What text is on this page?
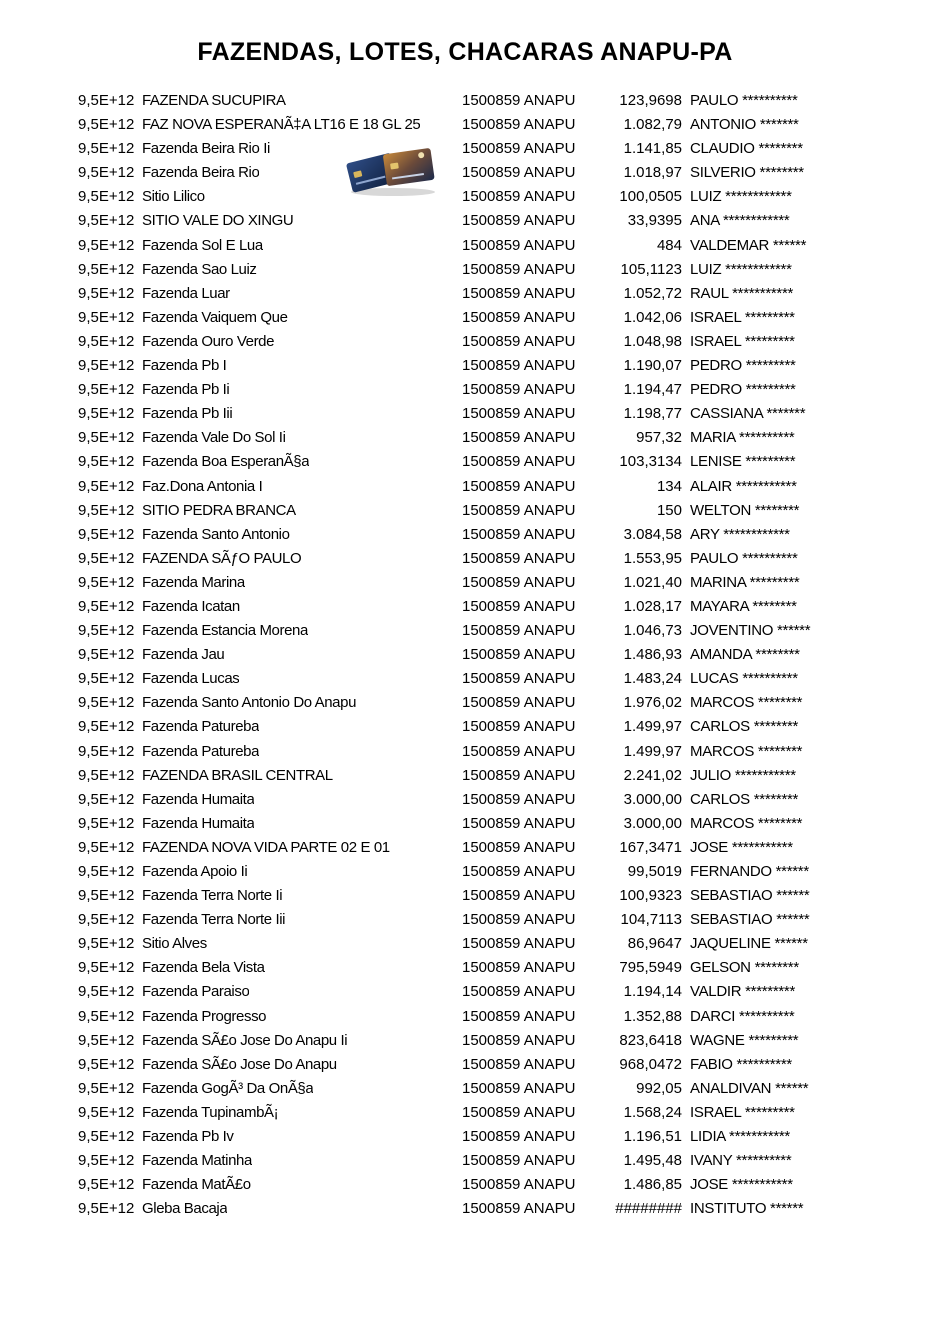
FAZENDAS, LOTES, CHACARAS ANAPU-PA
9,5E+12 FAZENDA SUCUPIRA	1500859 ANAPU	123,9698 PAULO **********
9,5E+12 FAZ NOVA ESPERANÃ‡A LT16 E 18 GL 25	1500859 ANAPU	1.082,79 ANTONIO *******
9,5E+12 Fazenda Beira Rio Ii	1500859 ANAPU	1.141,85 CLAUDIO ********
9,5E+12 Fazenda Beira Rio	1500859 ANAPU	1.018,97 SILVERIO ********
9,5E+12 Sitio Lilico	1500859 ANAPU	100,0505 LUIZ ************
9,5E+12 SITIO VALE DO XINGU	1500859 ANAPU	33,9395 ANA ************
9,5E+12 Fazenda Sol E Lua	1500859 ANAPU	484 VALDEMAR ******
9,5E+12 Fazenda Sao Luiz	1500859 ANAPU	105,1123 LUIZ ************
9,5E+12 Fazenda Luar	1500859 ANAPU	1.052,72 RAUL ***********
9,5E+12 Fazenda Vaiquem Que	1500859 ANAPU	1.042,06 ISRAEL *********
9,5E+12 Fazenda Ouro Verde	1500859 ANAPU	1.048,98 ISRAEL *********
9,5E+12 Fazenda Pb I	1500859 ANAPU	1.190,07 PEDRO *********
9,5E+12 Fazenda Pb Ii	1500859 ANAPU	1.194,47 PEDRO *********
9,5E+12 Fazenda Pb Iii	1500859 ANAPU	1.198,77 CASSIANA *******
9,5E+12 Fazenda Vale Do Sol Ii	1500859 ANAPU	957,32 MARIA **********
9,5E+12 Fazenda Boa EsperanÃ§a	1500859 ANAPU	103,3134 LENISE *********
9,5E+12 Faz.Dona Antonia I	1500859 ANAPU	134 ALAIR ***********
9,5E+12 SITIO PEDRA BRANCA	1500859 ANAPU	150 WELTON ********
9,5E+12 Fazenda Santo Antonio	1500859 ANAPU	3.084,58 ARY ************
9,5E+12 FAZENDA SÃƒO PAULO	1500859 ANAPU	1.553,95 PAULO **********
9,5E+12 Fazenda Marina	1500859 ANAPU	1.021,40 MARINA *********
9,5E+12 Fazenda Icatan	1500859 ANAPU	1.028,17 MAYARA ********
9,5E+12 Fazenda Estancia Morena	1500859 ANAPU	1.046,73 JOVENTINO ******
9,5E+12 Fazenda Jau	1500859 ANAPU	1.486,93 AMANDA ********
9,5E+12 Fazenda Lucas	1500859 ANAPU	1.483,24 LUCAS **********
9,5E+12 Fazenda Santo Antonio Do Anapu	1500859 ANAPU	1.976,02 MARCOS ********
9,5E+12 Fazenda Patureba	1500859 ANAPU	1.499,97 CARLOS ********
9,5E+12 Fazenda Patureba	1500859 ANAPU	1.499,97 MARCOS ********
9,5E+12 FAZENDA BRASIL CENTRAL	1500859 ANAPU	2.241,02 JULIO ***********
9,5E+12 Fazenda Humaita	1500859 ANAPU	3.000,00 CARLOS ********
9,5E+12 Fazenda Humaita	1500859 ANAPU	3.000,00 MARCOS ********
9,5E+12 FAZENDA NOVA VIDA PARTE 02 E 01	1500859 ANAPU	167,3471 JOSE ***********
9,5E+12 Fazenda Apoio Ii	1500859 ANAPU	99,5019 FERNANDO ******
9,5E+12 Fazenda Terra Norte Ii	1500859 ANAPU	100,9323 SEBASTIAO ******
9,5E+12 Fazenda Terra Norte Iii	1500859 ANAPU	104,7113 SEBASTIAO ******
9,5E+12 Sitio Alves	1500859 ANAPU	86,9647 JAQUELINE ******
9,5E+12 Fazenda Bela Vista	1500859 ANAPU	795,5949 GELSON ********
9,5E+12 Fazenda Paraiso	1500859 ANAPU	1.194,14 VALDIR *********
9,5E+12 Fazenda Progresso	1500859 ANAPU	1.352,88 DARCI **********
9,5E+12 Fazenda SÃ£o Jose Do Anapu Ii	1500859 ANAPU	823,6418 WAGNE *********
9,5E+12 Fazenda SÃ£o Jose Do Anapu	1500859 ANAPU	968,0472 FABIO **********
9,5E+12 Fazenda GogÃ³ Da OnÃ§a	1500859 ANAPU	992,05 ANALDIVAN ******
9,5E+12 Fazenda TupinambÃ¡	1500859 ANAPU	1.568,24 ISRAEL *********
9,5E+12 Fazenda Pb Iv	1500859 ANAPU	1.196,51 LIDIA ***********
9,5E+12 Fazenda Matinha	1500859 ANAPU	1.495,48 IVANY **********
9,5E+12 Fazenda MatÃ£o	1500859 ANAPU	1.486,85 JOSE ***********
9,5E+12 Gleba Bacaja	1500859 ANAPU	######## INSTITUTO ******
